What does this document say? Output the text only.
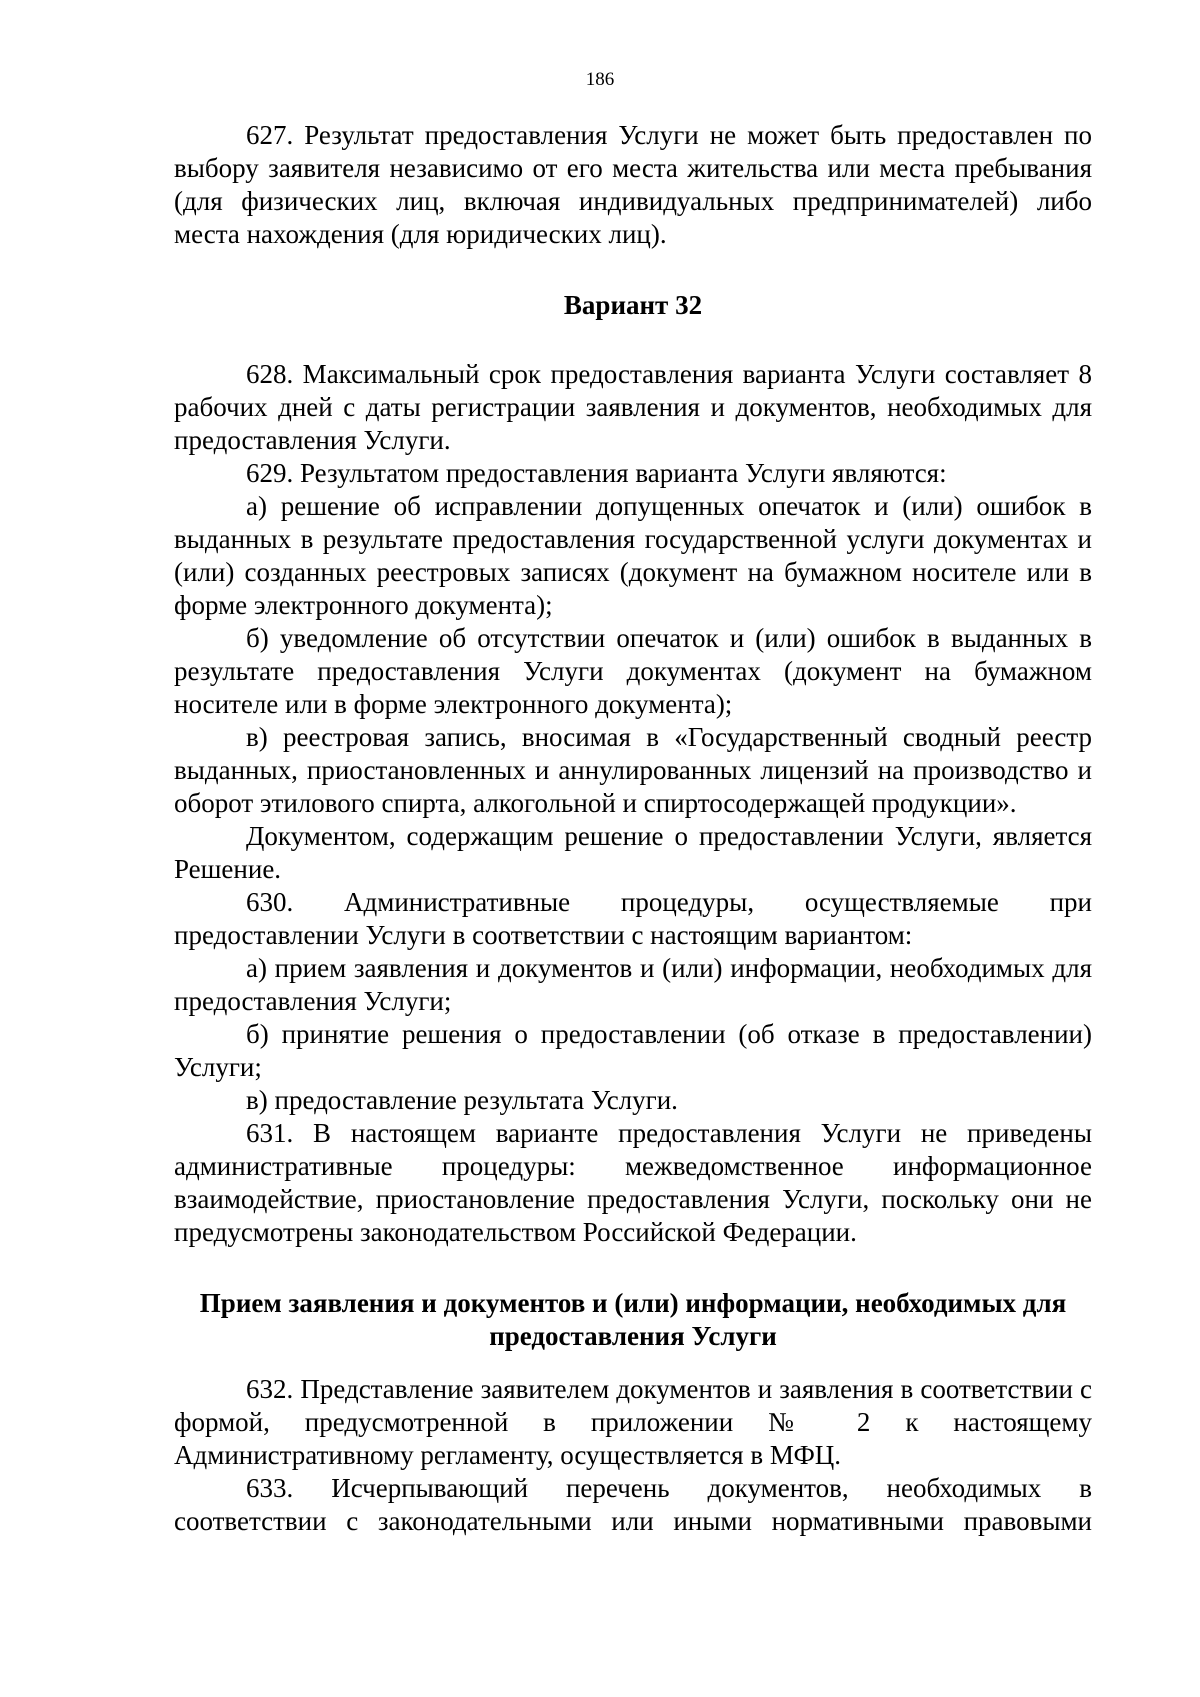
186

627. Результат предоставления Услуги не может быть предоставлен по выбору заявителя независимо от его места жительства или места пребывания (для физических лиц, включая индивидуальных предпринимателей) либо места нахождения (для юридических лиц).

Вариант 32

628. Максимальный срок предоставления варианта Услуги составляет 8 рабочих дней с даты регистрации заявления и документов, необходимых для предоставления Услуги.

629. Результатом предоставления варианта Услуги являются:

а) решение об исправлении допущенных опечаток и (или) ошибок в выданных в результате предоставления государственной услуги документах и (или) созданных реестровых записях (документ на бумажном носителе или в форме электронного документа);

б) уведомление об отсутствии опечаток и (или) ошибок в выданных в результате предоставления Услуги документах (документ на бумажном носителе или в форме электронного документа);

в) реестровая запись, вносимая в «Государственный сводный реестр выданных, приостановленных и аннулированных лицензий на производство и оборот этилового спирта, алкогольной и спиртосодержащей продукции».

Документом, содержащим решение о предоставлении Услуги, является Решение.

630. Административные процедуры, осуществляемые при предоставлении Услуги в соответствии с настоящим вариантом:

а) прием заявления и документов и (или) информации, необходимых для предоставления Услуги;

б) принятие решения о предоставлении (об отказе в предоставлении) Услуги;

в) предоставление результата Услуги.

631. В настоящем варианте предоставления Услуги не приведены административные процедуры: межведомственное информационное взаимодействие, приостановление предоставления Услуги, поскольку они не предусмотрены законодательством Российской Федерации.

Прием заявления и документов и (или) информации, необходимых для
предоставления Услуги

632. Представление заявителем документов и заявления в соответствии с формой, предусмотренной в приложении № 2 к настоящему Административному регламенту, осуществляется в МФЦ.

633. Исчерпывающий перечень документов, необходимых в соответствии с законодательными или иными нормативными правовыми
